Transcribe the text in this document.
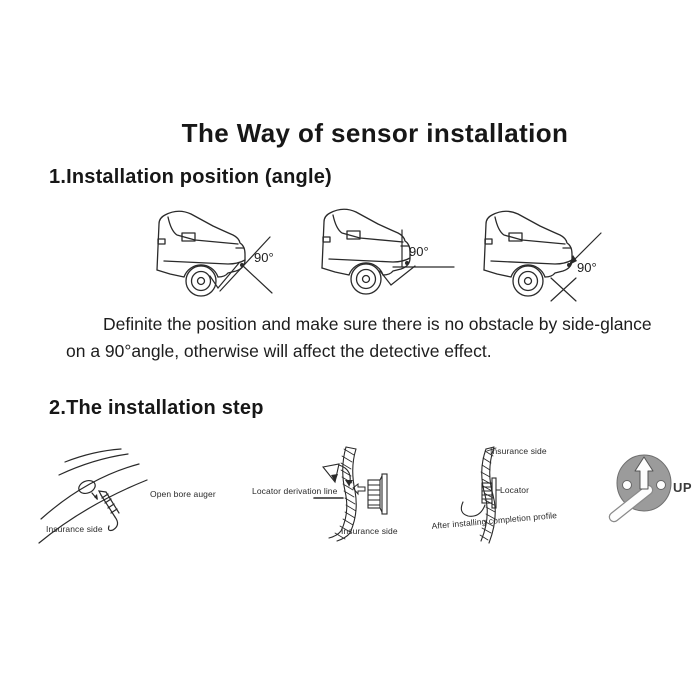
The Way of sensor installation
1.Installation position (angle)
90°	90°
90°
Definite the position and make sure there is no obstacle by side-glance
on a 90°angle, otherwise will affect the detective effect.
2.The installation step
Open bore auger
Insurance side
Locator derivation line
Insurance side
Insurance side
Locator
After installing completion profile
UP
